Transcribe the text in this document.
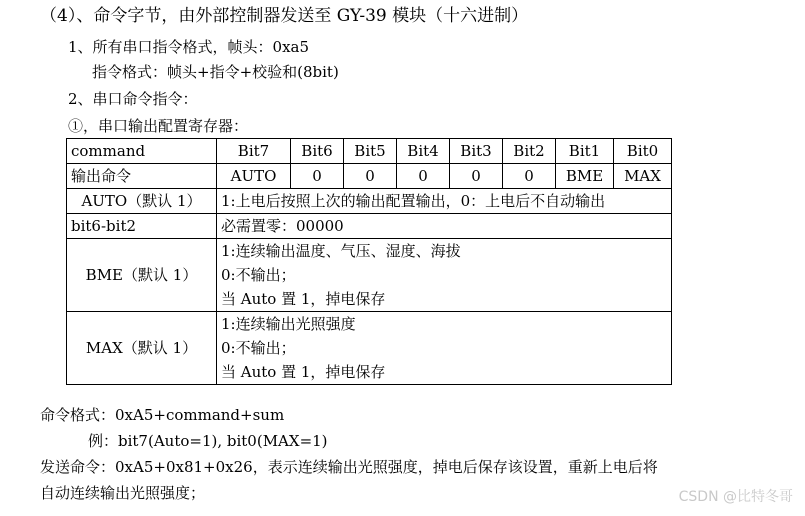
（4）、命令字节，由外部控制器发送至 GY-39 模块（十六进制）
1、所有串口指令格式，帧头：0xa5
指令格式：帧头+指令+校验和(8bit)
2、串口命令指令：
①，串口输出配置寄存器：
command	Bit7	Bit6	Bit5	Bit4	Bit3	Bit2	Bit1	Bit0
输出命令	AUTO	0	0	0	0	0	BME	MAX
AUTO（默认 1）	1:上电后按照上次的输出配置输出，0：上电后不自动输出							
bit6-bit2	必需置零：00000							
BME（默认 1）	1:连续输出温度、气压、湿度、海拔
0:不输出；
当 Auto 置 1，掉电保存							

MAX（默认 1）	1:连续输出光照强度
0:不输出；
当 Auto 置 1，掉电保存							
命令格式：0xA5+command+sum
例：bit7(Auto=1), bit0(MAX=1)
发送命令：0xA5+0x81+0x26，表示连续输出光照强度，掉电后保存该设置，重新上电后将
自动连续输出光照强度；	CSDN @比特冬哥
